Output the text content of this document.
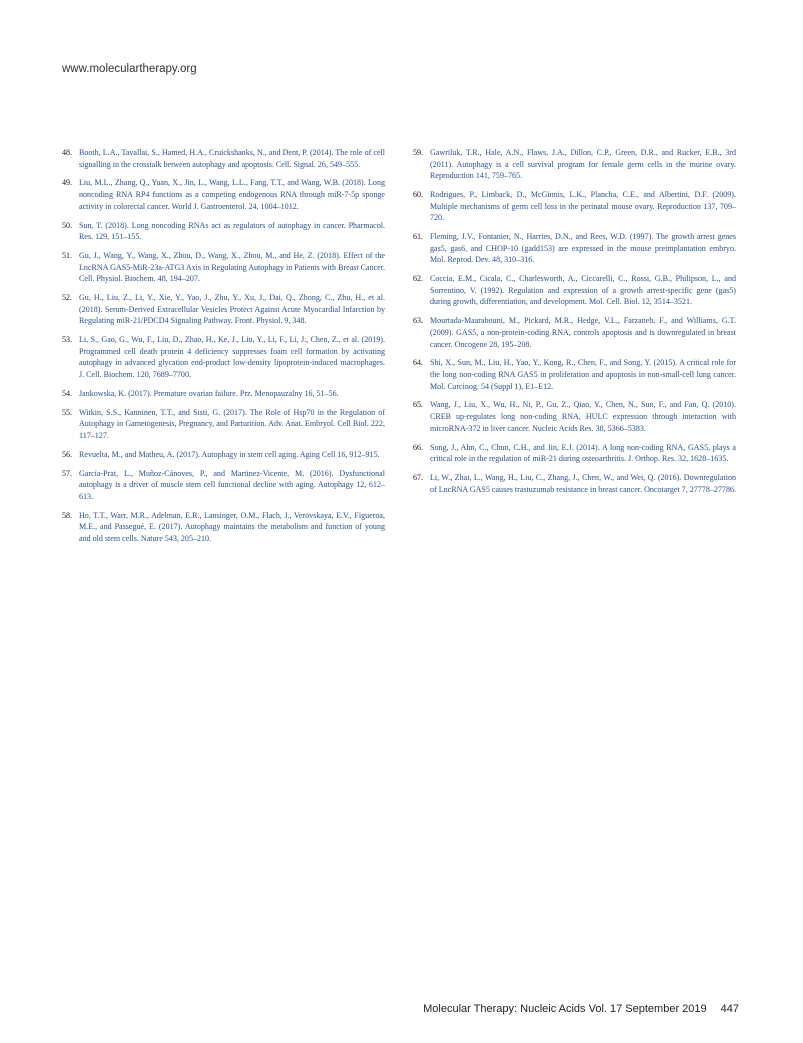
www.moleculartherapy.org
48. Booth, L.A., Tavallai, S., Hamed, H.A., Cruickshanks, N., and Dent, P. (2014). The role of cell signalling in the crosstalk between autophagy and apoptosis. Cell. Signal. 26, 549–555.
49. Liu, M.L., Zhang, Q., Yuan, X., Jin, L., Wang, L.L., Fang, T.T., and Wang, W.B. (2018). Long noncoding RNA RP4 functions as a competing endogenous RNA through miR-7-5p sponge activity in colorectal cancer. World J. Gastroenterol. 24, 1004–1012.
50. Sun, T. (2018). Long noncoding RNAs act as regulators of autophagy in cancer. Pharmacol. Res. 129, 151–155.
51. Gu, J., Wang, Y., Wang, X., Zhou, D., Wang, X., Zhou, M., and He, Z. (2018). Effect of the LncRNA GAS5-MiR-23a-ATG3 Axis in Regulating Autophagy in Patients with Breast Cancer. Cell. Physiol. Biochem. 48, 194–207.
52. Gu, H., Liu, Z., Li, Y., Xie, Y., Yao, J., Zhu, Y., Xu, J., Dai, Q., Zhong, C., Zhu, H., et al. (2018). Serum-Derived Extracellular Vesicles Protect Against Acute Myocardial Infarction by Regulating miR-21/PDCD4 Signaling Pathway. Front. Physiol. 9, 348.
53. Li, S., Gao, G., Wu, F., Liu, D., Zhao, H., Ke, J., Liu, Y., Li, F., Li, J., Chen, Z., et al. (2019). Programmed cell death protein 4 deficiency suppresses foam cell formation by activating autophagy in advanced glycation end-product low-density lipoprotein-induced macrophages. J. Cell. Biochem. 120, 7689–7700.
54. Jankowska, K. (2017). Premature ovarian failure. Prz. Menopauzalny 16, 51–56.
55. Witkin, S.S., Kanninen, T.T., and Sisti, G. (2017). The Role of Hsp70 in the Regulation of Autophagy in Gametogenesis, Pregnancy, and Parturition. Adv. Anat. Embryol. Cell Biol. 222, 117–127.
56. Revuelta, M., and Matheu, A. (2017). Autophagy in stem cell aging. Aging Cell 16, 912–915.
57. García-Prat, L., Muñoz-Cánoves, P., and Martinez-Vicente, M. (2016). Dysfunctional autophagy is a driver of muscle stem cell functional decline with aging. Autophagy 12, 612–613.
58. Ho, T.T., Warr, M.R., Adelman, E.R., Lansinger, O.M., Flach, J., Verovskaya, E.V., Figueroa, M.E., and Passegué, E. (2017). Autophagy maintains the metabolism and function of young and old stem cells. Nature 543, 205–210.
59. Gawriluk, T.R., Hale, A.N., Flaws, J.A., Dillon, C.P., Green, D.R., and Rucker, E.B., 3rd (2011). Autophagy is a cell survival program for female germ cells in the murine ovary. Reproduction 141, 759–765.
60. Rodrigues, P., Limback, D., McGinnis, L.K., Plancha, C.E., and Albertini, D.F. (2009). Multiple mechanisms of germ cell loss in the perinatal mouse ovary. Reproduction 137, 709–720.
61. Fleming, J.V., Fontanier, N., Harries, D.N., and Rees, W.D. (1997). The growth arrest genes gas5, gas6, and CHOP-10 (gadd153) are expressed in the mouse preimplantation embryo. Mol. Reprod. Dev. 48, 310–316.
62. Coccia, E.M., Cicala, C., Charlesworth, A., Ciccarelli, C., Rossi, G.B., Philipson, L., and Sorrentino, V. (1992). Regulation and expression of a growth arrest-specific gene (gas5) during growth, differentiation, and development. Mol. Cell. Biol. 12, 3514–3521.
63. Mourtada-Maarabouni, M., Pickard, M.R., Hedge, V.L., Farzaneh, F., and Williams, G.T. (2009). GAS5, a non-protein-coding RNA, controls apoptosis and is downregulated in breast cancer. Oncogene 28, 195–208.
64. Shi, X., Sun, M., Liu, H., Yao, Y., Kong, R., Chen, F., and Song, Y. (2015). A critical role for the long non-coding RNA GAS5 in proliferation and apoptosis in non-small-cell lung cancer. Mol. Carcinog. 54 (Suppl 1), E1–E12.
65. Wang, J., Liu, X., Wu, H., Ni, P., Gu, Z., Qiao, Y., Chen, N., Sun, F., and Fan, Q. (2010). CREB up-regulates long non-coding RNA, HULC expression through interaction with microRNA-372 in liver cancer. Nucleic Acids Res. 38, 5366–5383.
66. Song, J., Ahn, C., Chun, C.H., and Jin, E.J. (2014). A long non-coding RNA, GAS5, plays a critical role in the regulation of miR-21 during osteoarthritis. J. Orthop. Res. 32, 1628–1635.
67. Li, W., Zhai, L., Wang, H., Liu, C., Zhang, J., Chen, W., and Wei, Q. (2016). Downregulation of LncRNA GAS5 causes trastuzumab resistance in breast cancer. Oncotarget 7, 27778–27786.
Molecular Therapy: Nucleic Acids Vol. 17 September 2019 447
